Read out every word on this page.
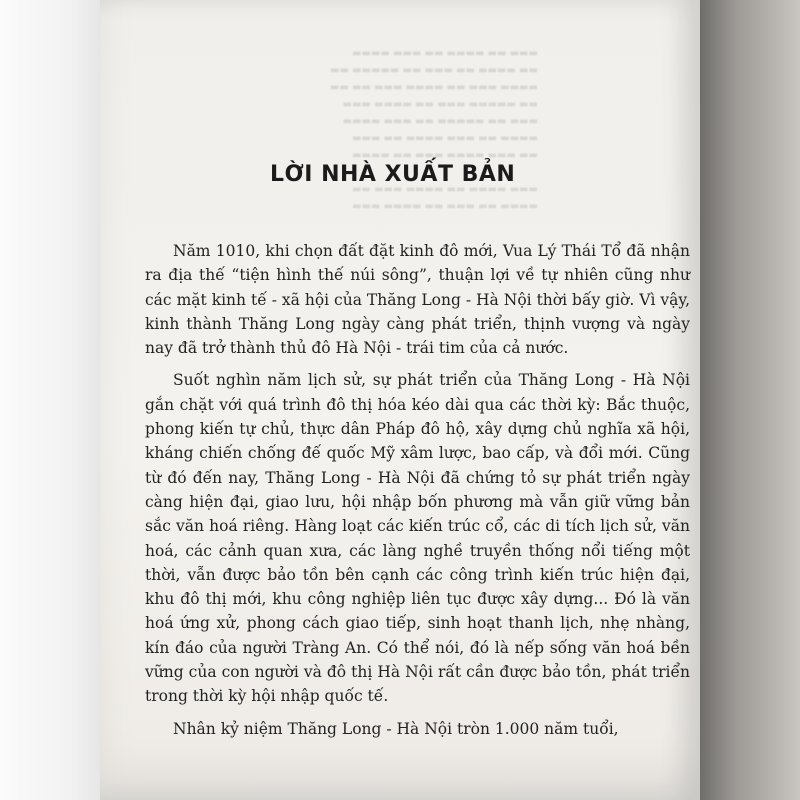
▬▬▬ ▬▬ ▬▬▬▬ ▬▬ ▬▬▬ ▬▬▬▬
▬▬ ▬▬▬▬ ▬▬ ▬▬▬ ▬▬ ▬▬▬▬▬ ▬▬
▬▬▬▬ ▬▬▬ ▬▬ ▬▬▬▬ ▬▬▬ ▬▬ ▬▬
▬▬ ▬▬▬▬▬ ▬▬▬ ▬▬ ▬▬▬▬ ▬▬▬
▬▬▬ ▬▬ ▬▬▬▬▬ ▬▬ ▬▬▬ ▬▬▬▬
▬▬▬▬ ▬▬ ▬▬▬ ▬▬▬▬ ▬▬ ▬▬▬
▬▬ ▬▬▬ ▬▬▬▬ ▬▬▬ ▬▬ ▬▬▬▬

▬▬▬ ▬▬▬▬ ▬▬ ▬▬▬▬ ▬▬▬ ▬▬
▬▬▬▬ ▬▬ ▬▬▬ ▬▬ ▬▬▬▬ ▬▬▬
LỜI NHÀ XUẤT BẢN

Năm 1010, khi chọn đất đặt kinh đô mới, Vua Lý Thái Tổ đã nhận ra địa thế “tiện hình thế núi sông”, thuận lợi về tự nhiên cũng như các mặt kinh tế - xã hội của Thăng Long - Hà Nội thời bấy giờ. Vì vậy, kinh thành Thăng Long ngày càng phát triển, thịnh vượng và ngày nay đã trở thành thủ đô Hà Nội - trái tim của cả nước.

Suốt nghìn năm lịch sử, sự phát triển của Thăng Long - Hà Nội gắn chặt với quá trình đô thị hóa kéo dài qua các thời kỳ: Bắc thuộc, phong kiến tự chủ, thực dân Pháp đô hộ, xây dựng chủ nghĩa xã hội, kháng chiến chống đế quốc Mỹ xâm lược, bao cấp, và đổi mới. Cũng từ đó đến nay, Thăng Long - Hà Nội đã chứng tỏ sự phát triển ngày càng hiện đại, giao lưu, hội nhập bốn phương mà vẫn giữ vững bản sắc văn hoá riêng. Hàng loạt các kiến trúc cổ, các di tích lịch sử, văn hoá, các cảnh quan xưa, các làng nghề truyền thống nổi tiếng một thời, vẫn được bảo tồn bên cạnh các công trình kiến trúc hiện đại, khu đô thị mới, khu công nghiệp liên tục được xây dựng... Đó là văn hoá ứng xử, phong cách giao tiếp, sinh hoạt thanh lịch, nhẹ nhàng, kín đáo của người Tràng An. Có thể nói, đó là nếp sống văn hoá bền vững của con người và đô thị Hà Nội rất cần được bảo tồn, phát triển trong thời kỳ hội nhập quốc tế.

Nhân kỷ niệm Thăng Long - Hà Nội tròn 1.000 năm tuổi,
